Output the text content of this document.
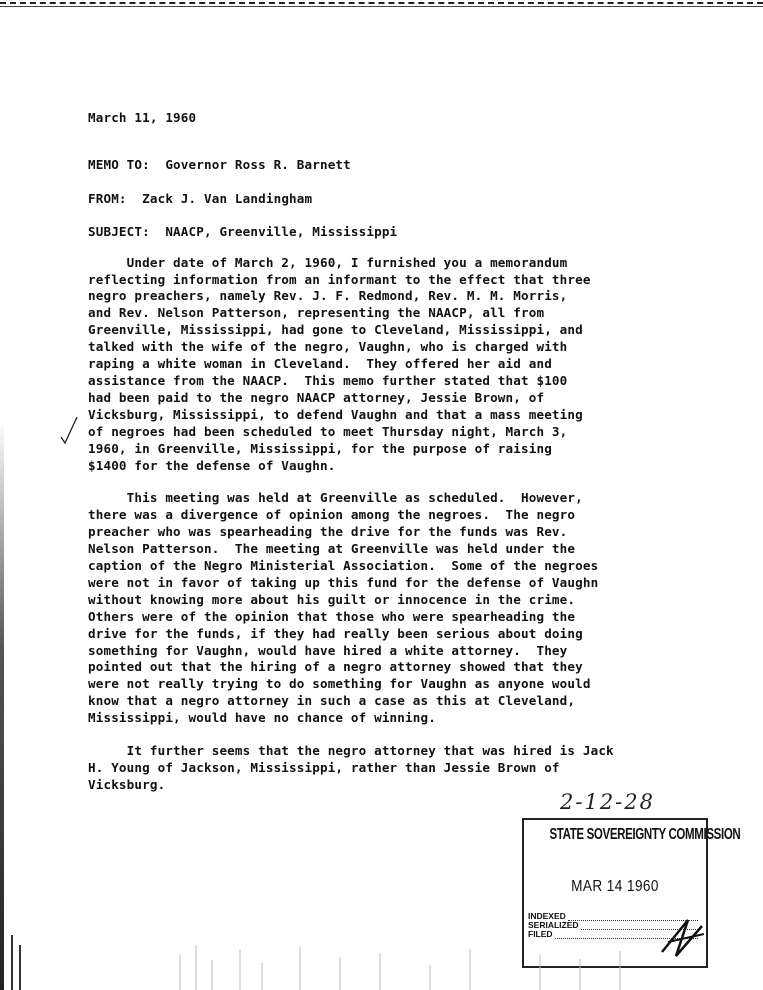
March 11, 1960

MEMO TO: Governor Ross R. Barnett

FROM: Zack J. Van Landingham

SUBJECT: NAACP, Greenville, Mississippi

Under date of March 2, 1960, I furnished you a memorandum
reflecting information from an informant to the effect that three
negro preachers, namely Rev. J. F. Redmond, Rev. M. M. Morris,
and Rev. Nelson Patterson, representing the NAACP, all from
Greenville, Mississippi, had gone to Cleveland, Mississippi, and
talked with the wife of the negro, Vaughn, who is charged with
raping a white woman in Cleveland.  They offered her aid and
assistance from the NAACP.  This memo further stated that $100
had been paid to the negro NAACP attorney, Jessie Brown, of
Vicksburg, Mississippi, to defend Vaughn and that a mass meeting
of negroes had been scheduled to meet Thursday night, March 3,
1960, in Greenville, Mississippi, for the purpose of raising
$1400 for the defense of Vaughn.

This meeting was held at Greenville as scheduled.  However,
there was a divergence of opinion among the negroes.  The negro
preacher who was spearheading the drive for the funds was Rev.
Nelson Patterson.  The meeting at Greenville was held under the
caption of the Negro Ministerial Association.  Some of the negroes
were not in favor of taking up this fund for the defense of Vaughn
without knowing more about his guilt or innocence in the crime.
Others were of the opinion that those who were spearheading the
drive for the funds, if they had really been serious about doing
something for Vaughn, would have hired a white attorney.  They
pointed out that the hiring of a negro attorney showed that they
were not really trying to do something for Vaughn as anyone would
know that a negro attorney in such a case as this at Cleveland,
Mississippi, would have no chance of winning.

It further seems that the negro attorney that was hired is Jack
H. Young of Jackson, Mississippi, rather than Jessie Brown of
Vicksburg.

2-12-28
STATE SOVEREIGNTY COMMISSION
MAR 14 1960
INDEXED
SERIALIZED
FILED
